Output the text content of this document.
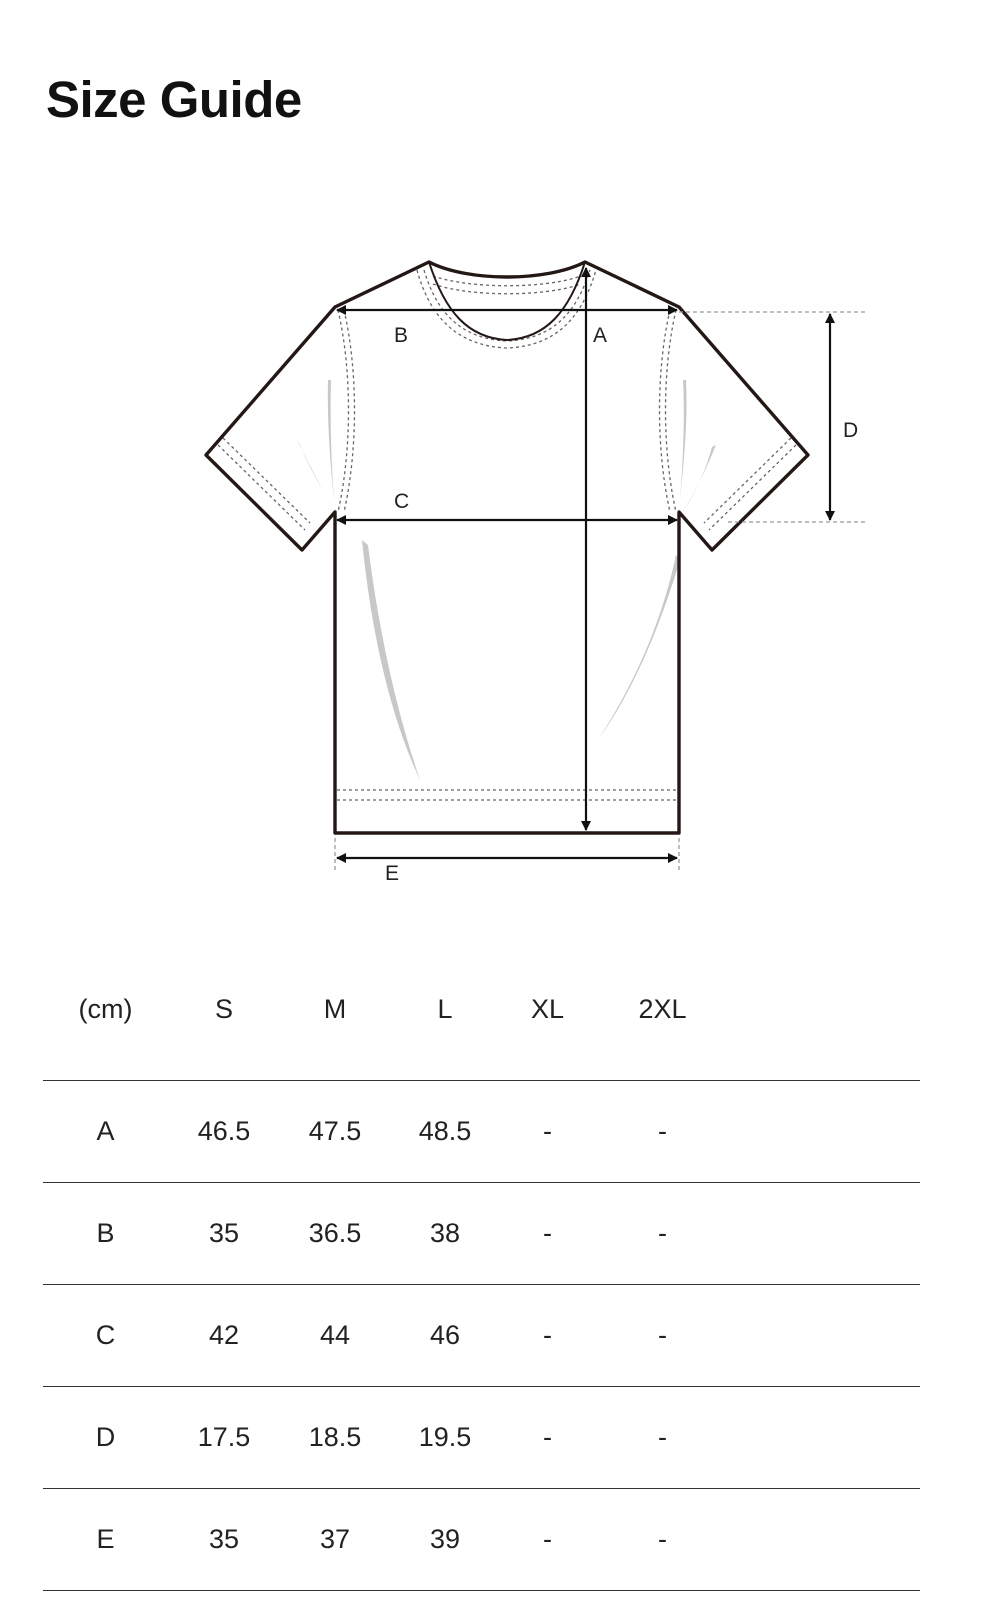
Size Guide
A
B
C
D
E
(cm)	S	M	L	XL	2XL	
A	46.5	47.5	48.5	-	-	
B	35	36.5	38	-	-	
C	42	44	46	-	-	
D	17.5	18.5	19.5	-	-	
E	35	37	39	-	-	
